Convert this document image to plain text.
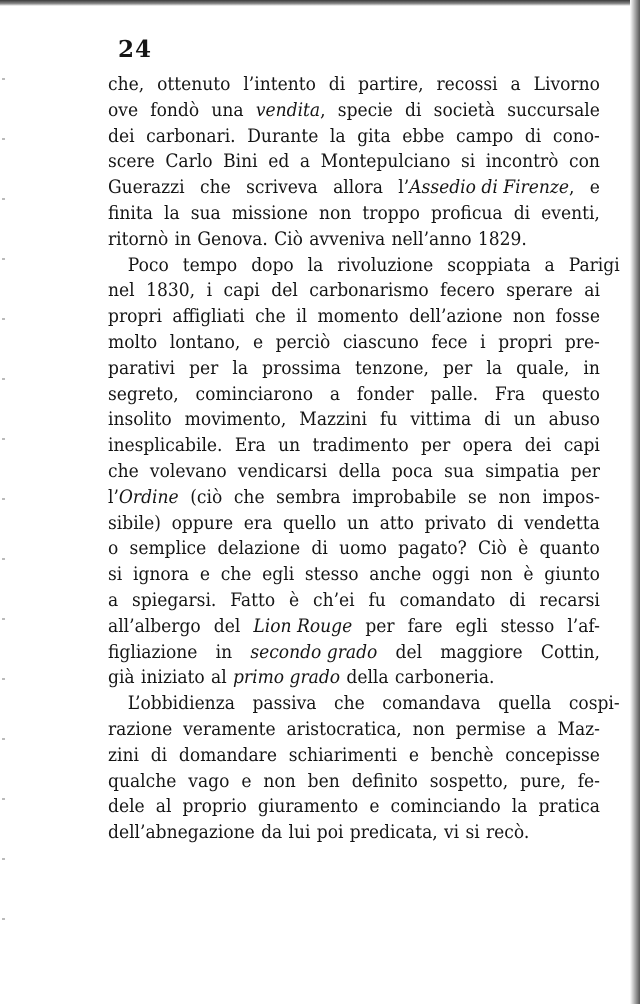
24
che, ottenuto l’intento di partire, recossi a Livorno
ove fondò una vendita, specie di società succursale
dei carbonari. Durante la gita ebbe campo di cono-
scere Carlo Bini ed a Montepulciano si incontrò con
Guerazzi che scriveva allora l’Assedio di Firenze, e
finita la sua missione non troppo proficua di eventi,
ritornò in Genova. Ciò avveniva nell’anno 1829.
Poco tempo dopo la rivoluzione scoppiata a Parigi
nel 1830, i capi del carbonarismo fecero sperare ai
propri affigliati che il momento dell’azione non fosse
molto lontano, e perciò ciascuno fece i propri pre-
parativi per la prossima tenzone, per la quale, in
segreto, cominciarono a fonder palle. Fra questo
insolito movimento, Mazzini fu vittima di un abuso
inesplicabile. Era un tradimento per opera dei capi
che volevano vendicarsi della poca sua simpatia per
l’Ordine (ciò che sembra improbabile se non impos-
sibile) oppure era quello un atto privato di vendetta
o semplice delazione di uomo pagato? Ciò è quanto
si ignora e che egli stesso anche oggi non è giunto
a spiegarsi. Fatto è ch’ei fu comandato di recarsi
all’albergo del Lion Rouge per fare egli stesso l’af-
figliazione in secondo grado del maggiore Cottin,
già iniziato al primo grado della carboneria.
L’obbidienza passiva che comandava quella cospi-
razione veramente aristocratica, non permise a Maz-
zini di domandare schiarimenti e benchè concepisse
qualche vago e non ben definito sospetto, pure, fe-
dele al proprio giuramento e cominciando la pratica
dell’abnegazione da lui poi predicata, vi si recò.
